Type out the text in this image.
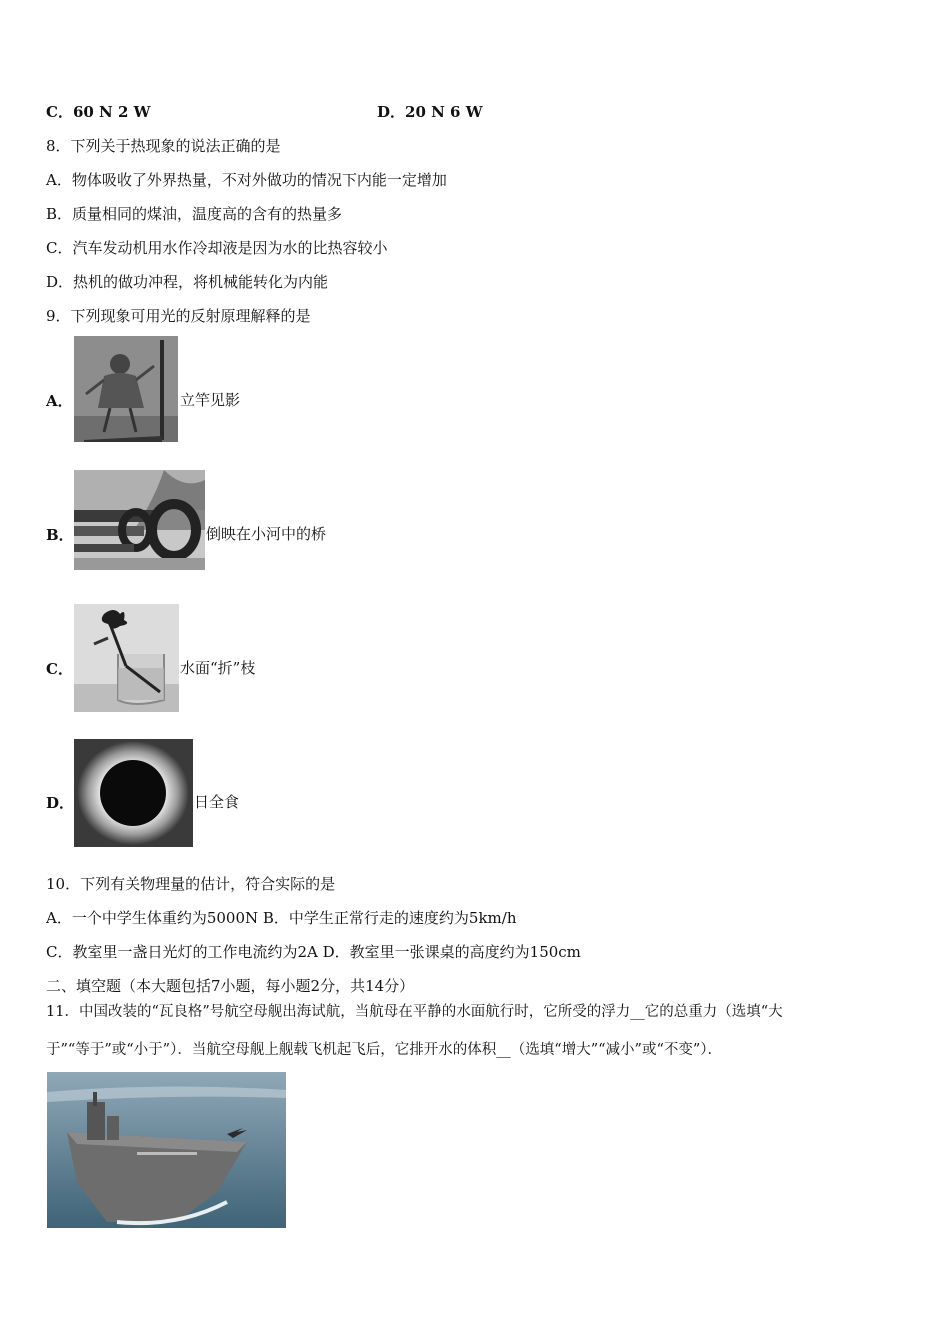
C．60 N 2 W	D．20 N 6 W
8．下列关于热现象的说法正确的是
A．物体吸收了外界热量，不对外做功的情况下内能一定增加
B．质量相同的煤油，温度高的含有的热量多
C．汽车发动机用水作冷却液是因为水的比热容较小
D．热机的做功冲程，将机械能转化为内能
9．下列现象可用光的反射原理解释的是
A．	立竿见影
B．	倒映在小河中的桥
C．	水面“折”枝
D．	日全食
10．下列有关物理量的估计，符合实际的是
A．一个中学生体重约为5000N B．中学生正常行走的速度约为5km/h
C．教室里一盏日光灯的工作电流约为2A D．教室里一张课桌的高度约为150cm
二、填空题（本大题包括7小题，每小题2分，共14分）
11．中国改装的“瓦良格”号航空母舰出海试航，当航母在平静的水面航行时，它所受的浮力__它的总重力（选填“大
于”“等于”或“小于”）．当航空母舰上舰载飞机起飞后，它排开水的体积__（选填“增大”“减小”或“不变”）．
